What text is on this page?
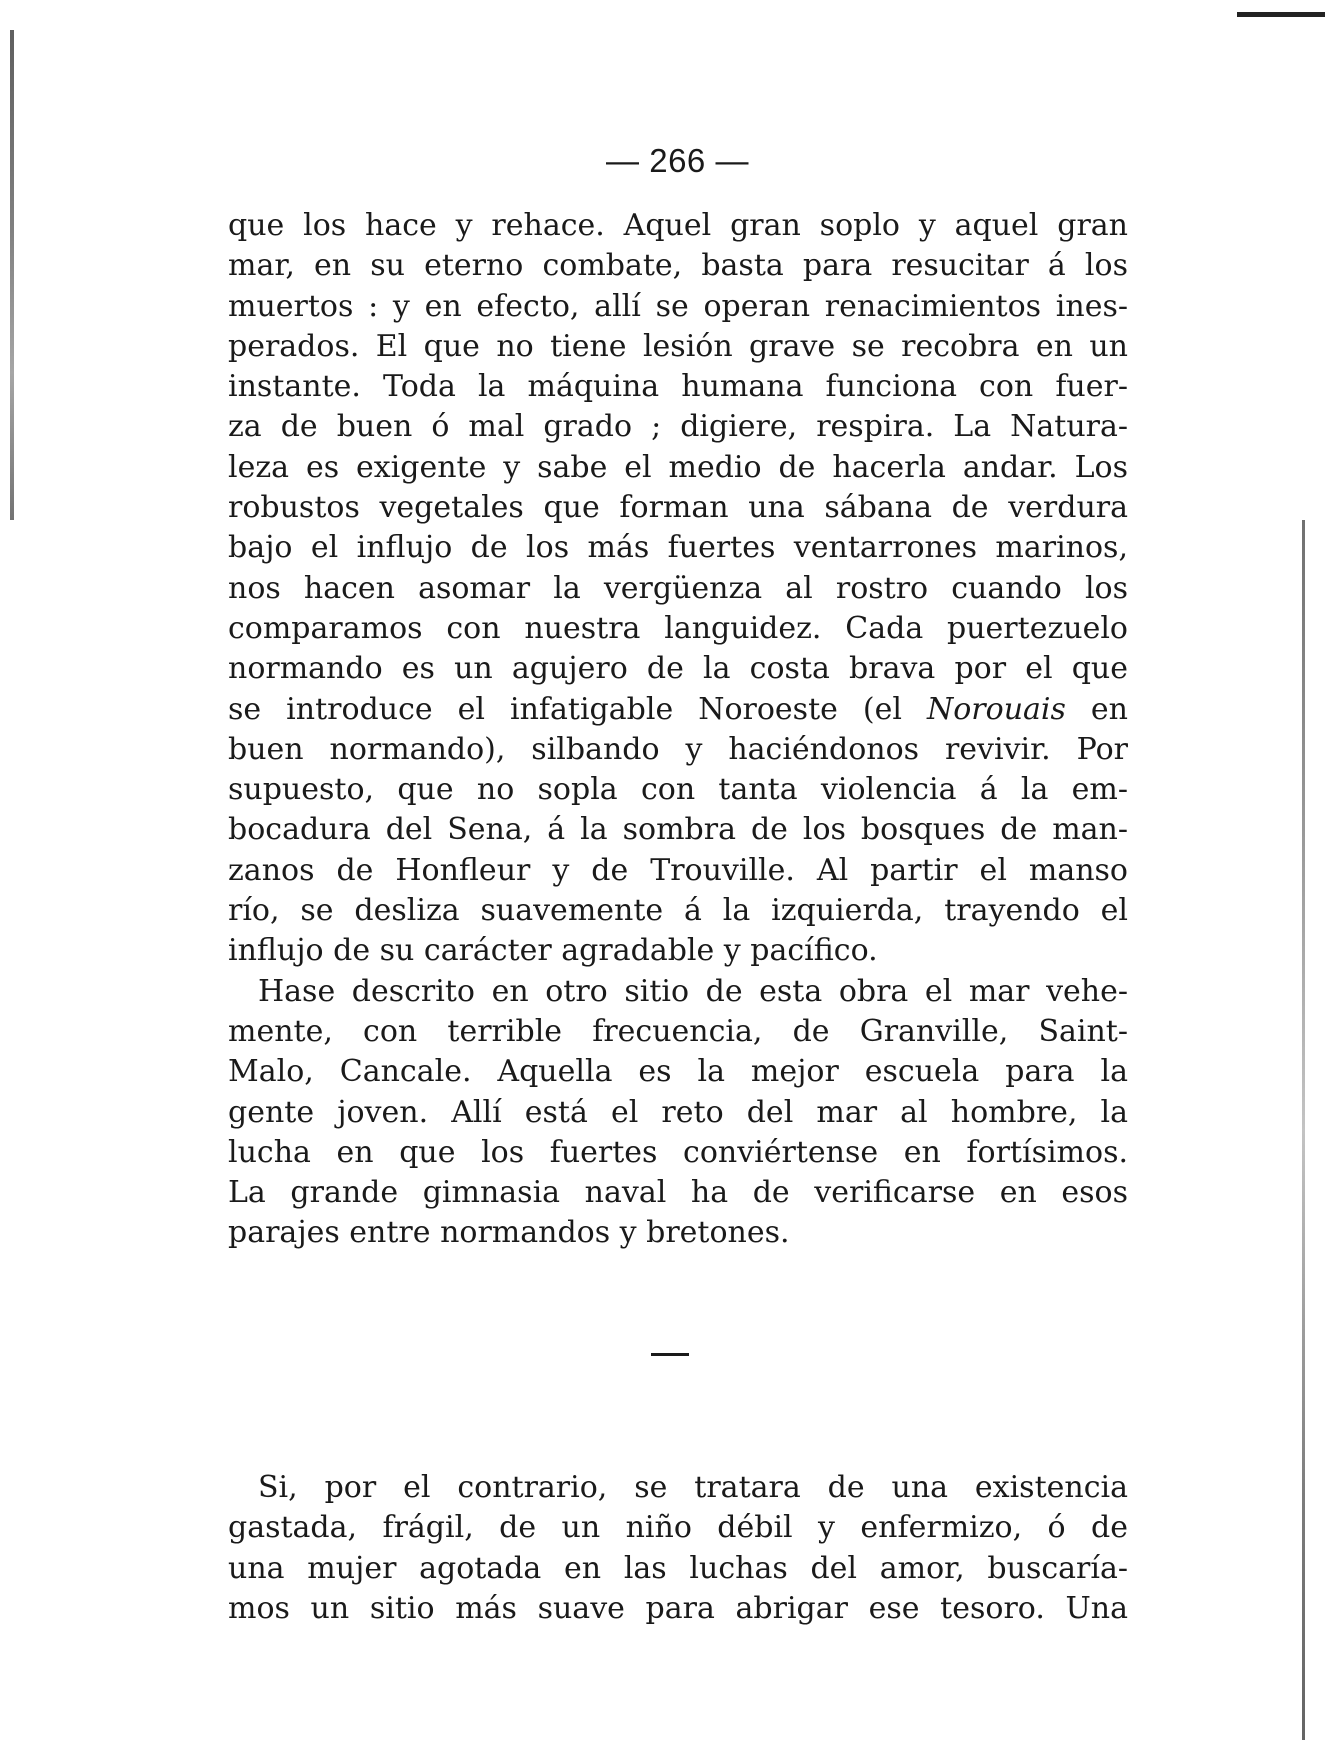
— 266 —
que los hace y rehace. Aquel gran soplo y aquel gran
mar, en su eterno combate, basta para resucitar á los
muertos : y en efecto, allí se operan renacimientos ines-
perados. El que no tiene lesión grave se recobra en un
instante. Toda la máquina humana funciona con fuer-
za de buen ó mal grado ; digiere, respira. La Natura-
leza es exigente y sabe el medio de hacerla andar. Los
robustos vegetales que forman una sábana de verdura
bajo el influjo de los más fuertes ventarrones marinos,
nos hacen asomar la vergüenza al rostro cuando los
comparamos con nuestra languidez. Cada puertezuelo
normando es un agujero de la costa brava por el que
se introduce el infatigable Noroeste (el Norouais en
buen normando), silbando y haciéndonos revivir. Por
supuesto, que no sopla con tanta violencia á la em-
bocadura del Sena, á la sombra de los bosques de man-
zanos de Honfleur y de Trouville. Al partir el manso
río, se desliza suavemente á la izquierda, trayendo el
influjo de su carácter agradable y pacífico.
Hase descrito en otro sitio de esta obra el mar vehe-
mente, con terrible frecuencia, de Granville, Saint-
Malo, Cancale. Aquella es la mejor escuela para la
gente joven. Allí está el reto del mar al hombre, la
lucha en que los fuertes conviértense en fortísimos.
La grande gimnasia naval ha de verificarse en esos
parajes entre normandos y bretones.
Si, por el contrario, se tratara de una existencia
gastada, frágil, de un niño débil y enfermizo, ó de
una mujer agotada en las luchas del amor, buscaría-
mos un sitio más suave para abrigar ese tesoro. Una
